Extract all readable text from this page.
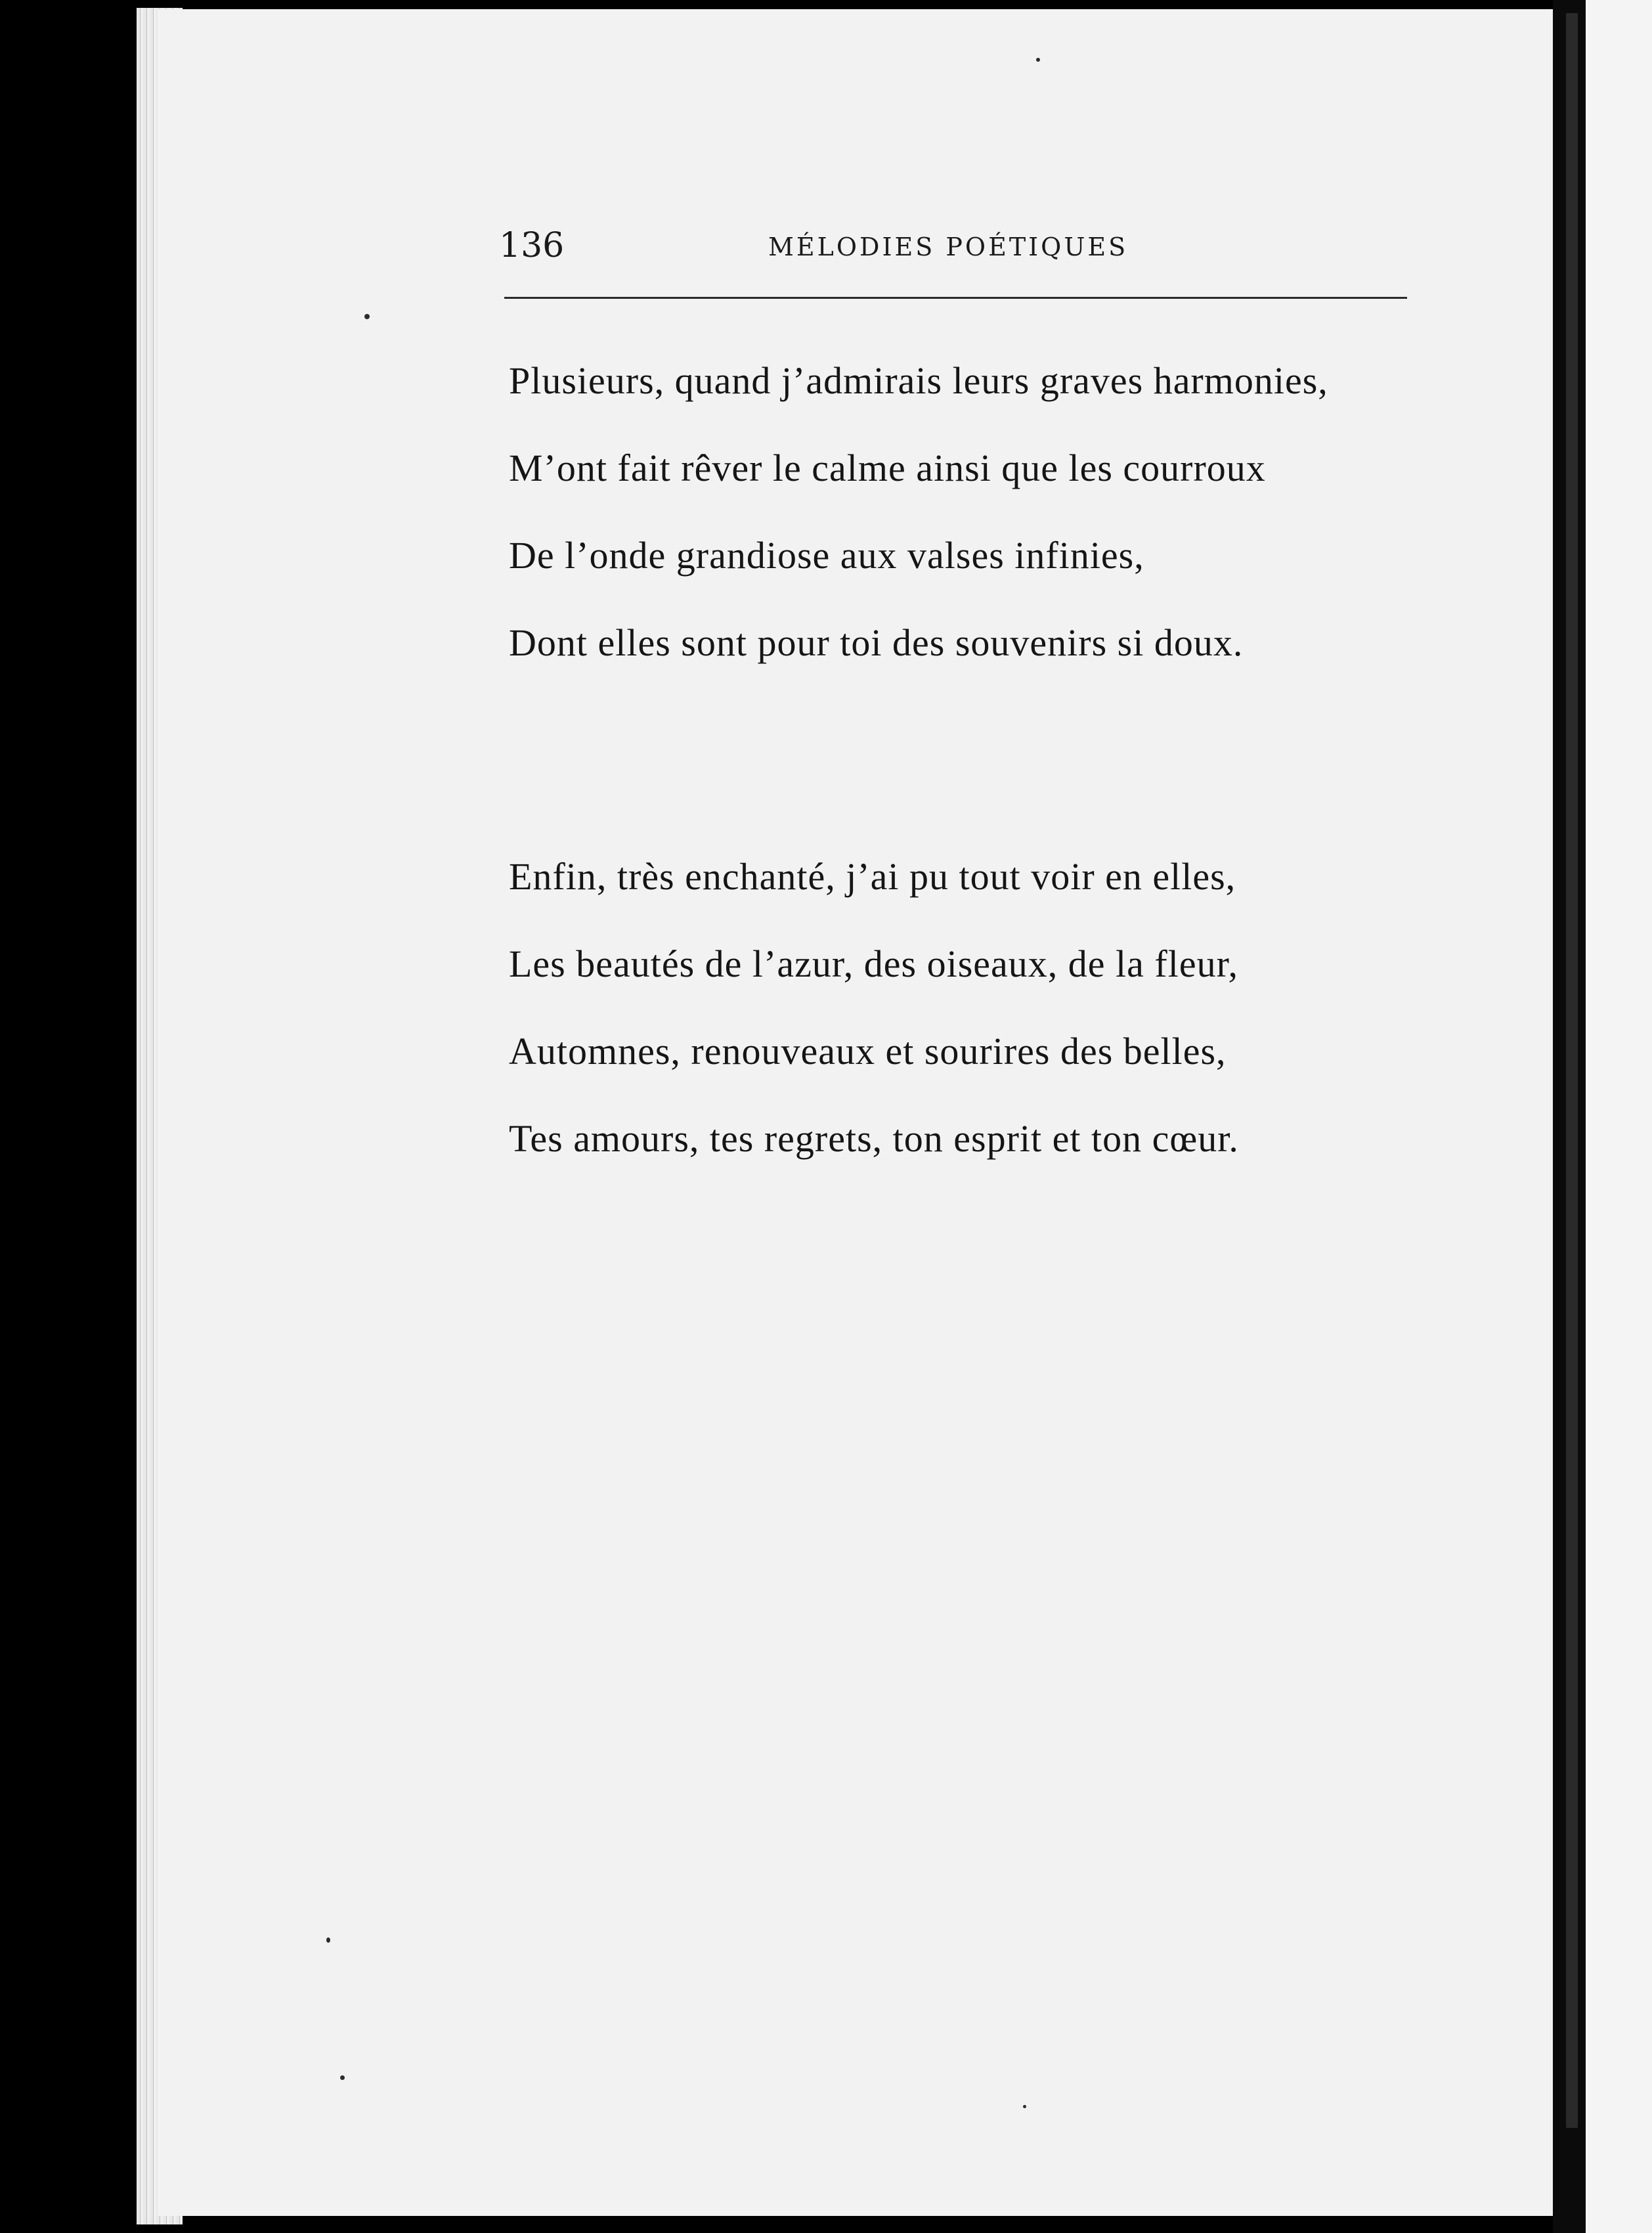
136	MÉLODIES POÉTIQUES
Plusieurs, quand j’admirais leurs graves harmonies,
M’ont fait rêver le calme ainsi que les courroux
De l’onde grandiose aux valses infinies,
Dont elles sont pour toi des souvenirs si doux.
Enfin, très enchanté, j’ai pu tout voir en elles,
Les beautés de l’azur, des oiseaux, de la fleur,
Automnes, renouveaux et sourires des belles,
Tes amours, tes regrets, ton esprit et ton cœur.
